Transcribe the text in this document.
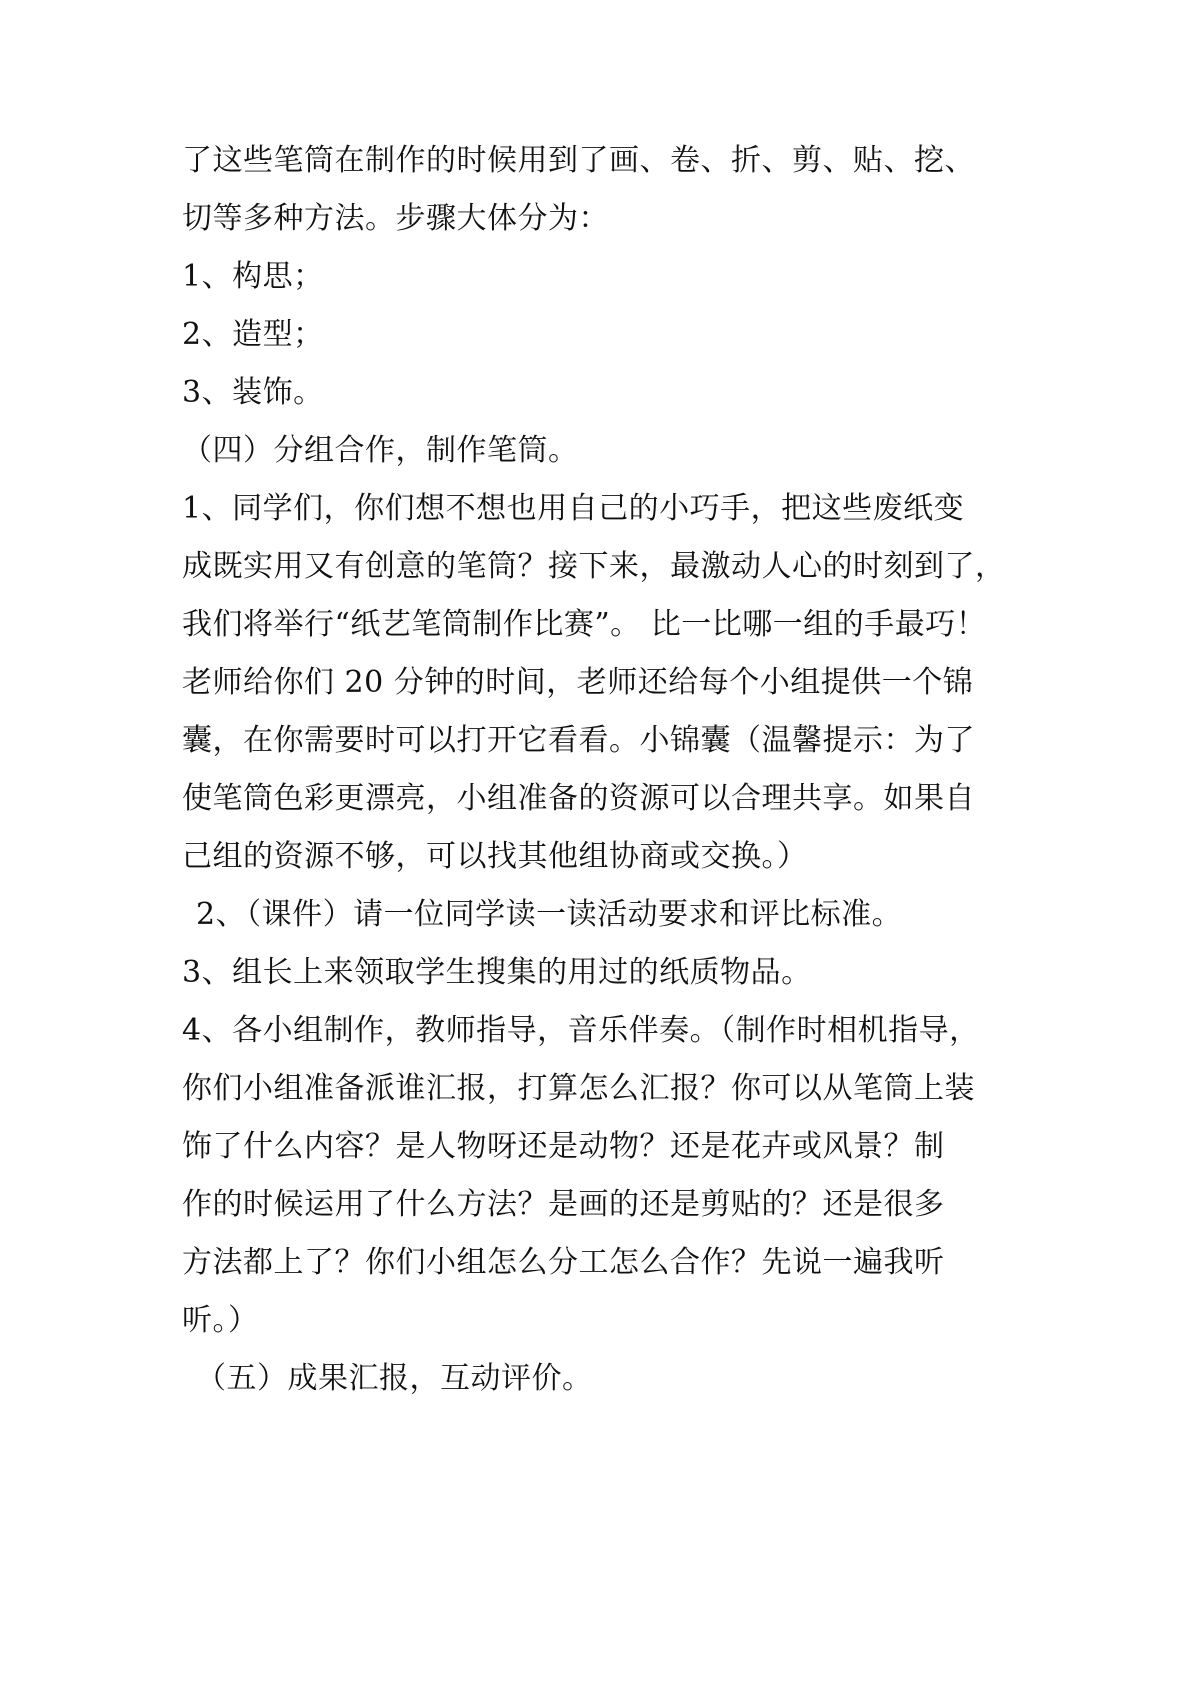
了这些笔筒在制作的时候用到了画、卷、折、剪、贴、挖、
切等多种方法。步骤大体分为：
1、构思；
2、造型；
3、装饰。
（四）分组合作，制作笔筒。
1、同学们，你们想不想也用自己的小巧手，把这些废纸变
成既实用又有创意的笔筒？接下来，最激动人心的时刻到了，
我们将举行“纸艺笔筒制作比赛”。 比一比哪一组的手最巧！
老师给你们 20 分钟的时间，老师还给每个小组提供一个锦
囊，在你需要时可以打开它看看。小锦囊（温馨提示：为了
使笔筒色彩更漂亮，小组准备的资源可以合理共享。如果自
己组的资源不够，可以找其他组协商或交换。）
2、（课件）请一位同学读一读活动要求和评比标准。
3、组长上来领取学生搜集的用过的纸质物品。
4、各小组制作，教师指导，音乐伴奏。（制作时相机指导，
你们小组准备派谁汇报，打算怎么汇报？你可以从笔筒上装
饰了什么内容？是人物呀还是动物？还是花卉或风景？制
作的时候运用了什么方法？是画的还是剪贴的？还是很多
方法都上了？你们小组怎么分工怎么合作？先说一遍我听
听。）
（五）成果汇报，互动评价。
